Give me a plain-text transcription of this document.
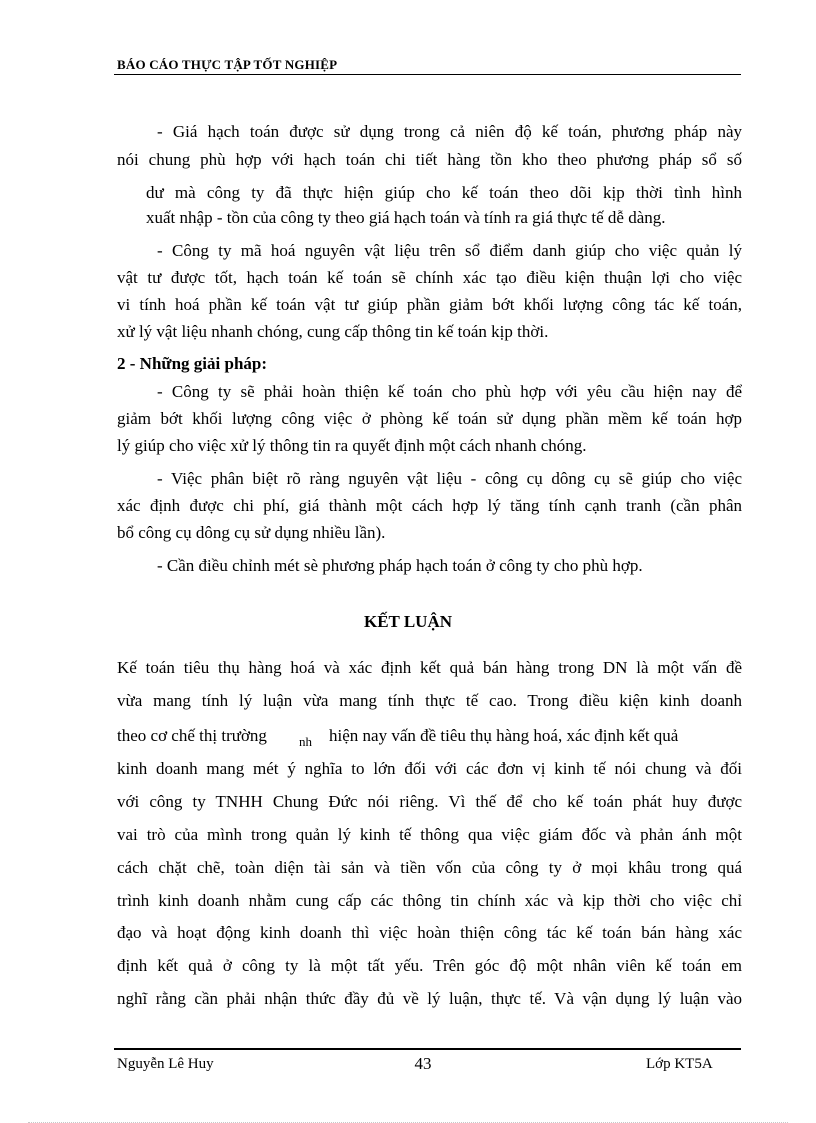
BÁO CÁO THỰC TẬP TỐT NGHIỆP
- Giá hạch toán được sử dụng trong cả niên độ kế toán, phương pháp này
nói chung phù hợp với hạch toán chi tiết hàng tồn kho theo phương pháp sổ số
dư mà công ty đã thực hiện giúp cho kế toán theo dõi kịp thời tình hình
xuất nhập - tồn của công ty theo giá hạch toán và tính ra giá thực tế dễ dàng.
- Công ty mã hoá nguyên vật liệu trên sổ điểm danh giúp cho việc quản lý
vật tư được tốt, hạch toán kế toán sẽ chính xác tạo điều kiện thuận lợi cho việc
vi tính hoá phần kế toán vật tư giúp phần giảm bớt khối lượng công tác kế toán,
xử lý vật liệu nhanh chóng, cung cấp thông tin kế toán kịp thời.
2 - Những giải pháp:
- Công ty sẽ phải hoàn thiện kế toán cho phù hợp với yêu cầu hiện nay để
giảm bớt khối lượng công việc ở phòng kế toán sử dụng phần mềm kế toán hợp
lý giúp cho việc xử lý thông tin ra quyết định một cách nhanh chóng.
- Việc phân biệt rõ ràng nguyên vật liệu - công cụ dông cụ sẽ giúp cho việc
xác định được chi phí, giá thành một cách hợp lý tăng tính cạnh tranh (cần phân
bổ công cụ dông cụ sử dụng nhiều lần).
- Cần điều chỉnh mét sè phương pháp hạch toán ở công ty cho phù hợp.
KẾT LUẬN
Kế toán tiêu thụ hàng hoá và xác định kết quả bán hàng trong DN là một vấn đề
vừa mang tính lý luận vừa mang tính thực tế cao. Trong điều kiện kinh doanh
theo cơ chế thị trường nh hiện nay vấn đề tiêu thụ hàng hoá, xác định kết quả
kinh doanh mang mét ý nghĩa to lớn đối với các đơn vị kinh tế nói chung và đối
với công ty TNHH Chung Đức nói riêng. Vì thế để cho kế toán phát huy được
vai trò của mình trong quản lý kinh tế thông qua việc giám đốc và phản ánh một
cách chặt chẽ, toàn diện tài sản và tiền vốn của công ty ở mọi khâu trong quá
trình kinh doanh nhằm cung cấp các thông tin chính xác và kịp thời cho việc chỉ
đạo và hoạt động kinh doanh thì việc hoàn thiện công tác kế toán bán hàng xác
định kết quả ở công ty là một tất yếu. Trên góc độ một nhân viên kế toán em
nghĩ rằng cần phải nhận thức đầy đủ về lý luận, thực tế. Và vận dụng lý luận vào
Nguyễn Lê Huy	43	Lớp KT5A
